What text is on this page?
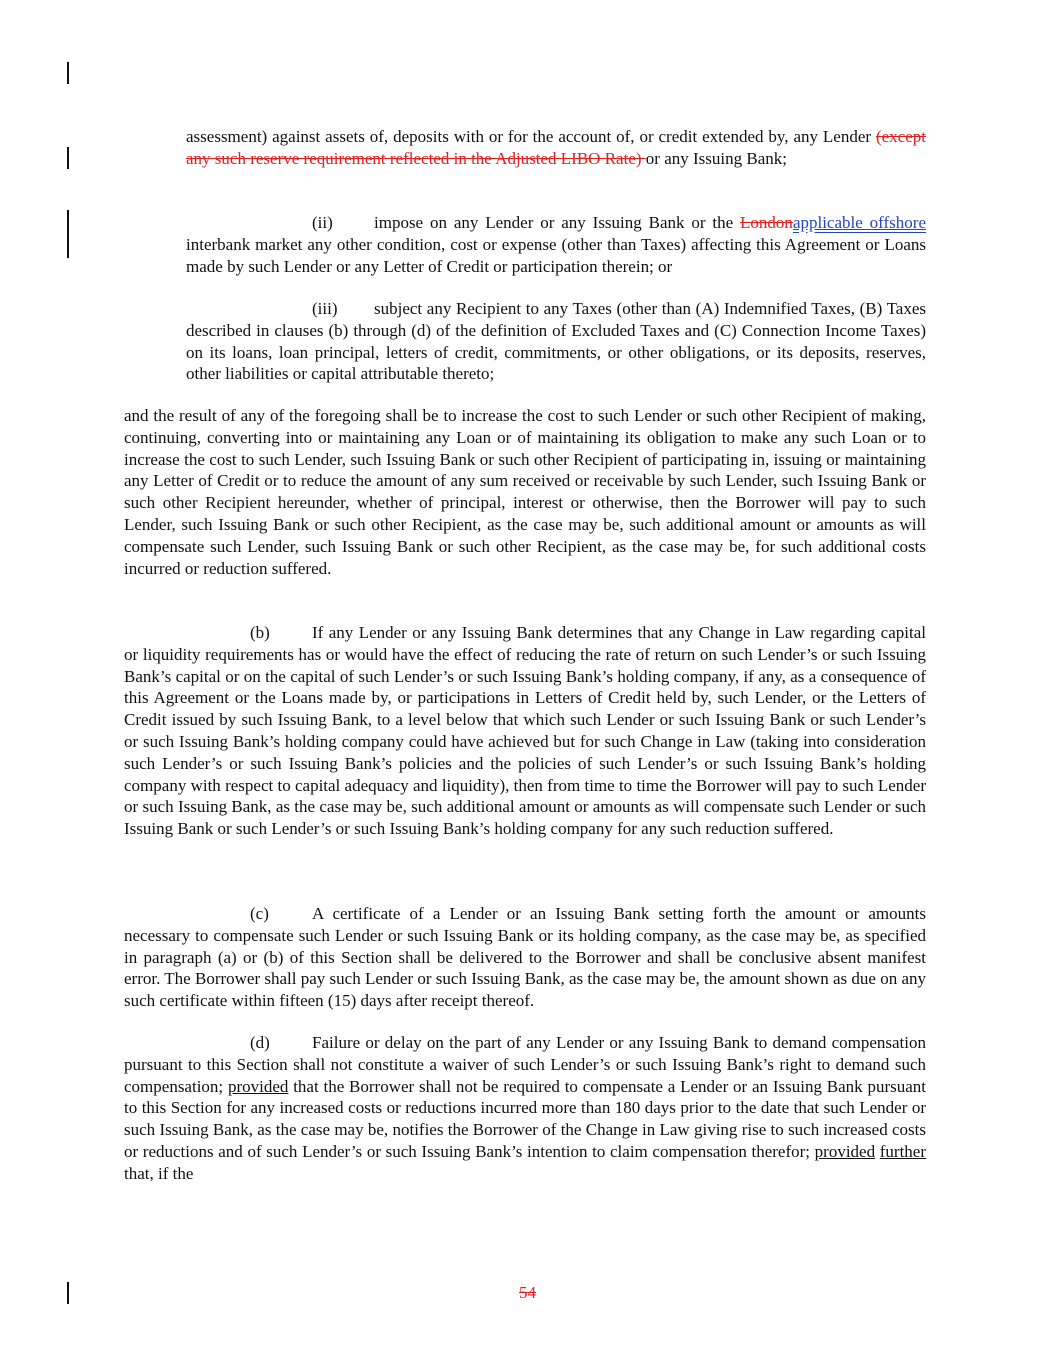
assessment) against assets of, deposits with or for the account of, or credit extended by, any Lender (except any such reserve requirement reflected in the Adjusted LIBO Rate) or any Issuing Bank;

(ii) impose on any Lender or any Issuing Bank or the Londonapplicable offshore interbank market any other condition, cost or expense (other than Taxes) affecting this Agreement or Loans made by such Lender or any Letter of Credit or participation therein; or

(iii) subject any Recipient to any Taxes (other than (A) Indemnified Taxes, (B) Taxes described in clauses (b) through (d) of the definition of Excluded Taxes and (C) Connection Income Taxes) on its loans, loan principal, letters of credit, commitments, or other obligations, or its deposits, reserves, other liabilities or capital attributable thereto;

and the result of any of the foregoing shall be to increase the cost to such Lender or such other Recipient of making, continuing, converting into or maintaining any Loan or of maintaining its obligation to make any such Loan or to increase the cost to such Lender, such Issuing Bank or such other Recipient of participating in, issuing or maintaining any Letter of Credit or to reduce the amount of any sum received or receivable by such Lender, such Issuing Bank or such other Recipient hereunder, whether of principal, interest or otherwise, then the Borrower will pay to such Lender, such Issuing Bank or such other Recipient, as the case may be, such additional amount or amounts as will compensate such Lender, such Issuing Bank or such other Recipient, as the case may be, for such additional costs incurred or reduction suffered.

(b) If any Lender or any Issuing Bank determines that any Change in Law regarding capital or liquidity requirements has or would have the effect of reducing the rate of return on such Lender’s or such Issuing Bank’s capital or on the capital of such Lender’s or such Issuing Bank’s holding company, if any, as a consequence of this Agreement or the Loans made by, or participations in Letters of Credit held by, such Lender, or the Letters of Credit issued by such Issuing Bank, to a level below that which such Lender or such Issuing Bank or such Lender’s or such Issuing Bank’s holding company could have achieved but for such Change in Law (taking into consideration such Lender’s or such Issuing Bank’s policies and the policies of such Lender’s or such Issuing Bank’s holding company with respect to capital adequacy and liquidity), then from time to time the Borrower will pay to such Lender or such Issuing Bank, as the case may be, such additional amount or amounts as will compensate such Lender or such Issuing Bank or such Lender’s or such Issuing Bank’s holding company for any such reduction suffered.

(c)	A certificate of a Lender or an Issuing Bank setting forth the amount or amounts necessary to compensate such Lender or such Issuing Bank or its holding company, as the case may be, as specified in paragraph (a) or (b) of this Section shall be delivered to the Borrower and shall be conclusive absent manifest error. The Borrower shall pay such Lender or such Issuing Bank, as the case may be, the amount shown as due on any such certificate within fifteen (15) days after receipt thereof.

(d) Failure or delay on the part of any Lender or any Issuing Bank to demand compensation pursuant to this Section shall not constitute a waiver of such Lender’s or such Issuing Bank’s right to demand such compensation; provided that the Borrower shall not be required to compensate a Lender or an Issuing Bank pursuant to this Section for any increased costs or reductions incurred more than 180 days prior to the date that such Lender or such Issuing Bank, as the case may be, notifies the Borrower of the Change in Law giving rise to such increased costs or reductions and of such Lender’s or such Issuing Bank’s intention to claim compensation therefor; provided further that, if the

54
